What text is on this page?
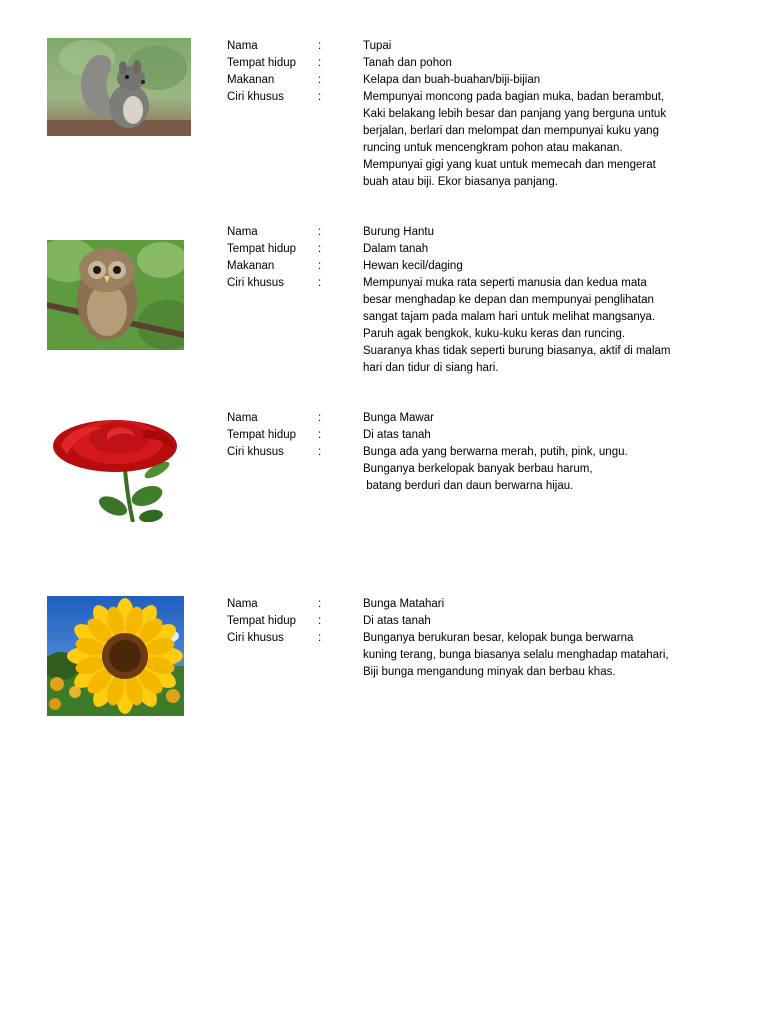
Nama	:	Tupai
Tempat hidup :	Tanah dan pohon
Makanan	:	Kelapa dan buah-buahan/biji-bijian
Ciri khusus	:	Mempunyai moncong pada bagian muka, badan berambut,
Kaki belakang lebih besar dan panjang yang berguna untuk
berjalan, berlari dan melompat dan mempunyai kuku yang
runcing untuk mencengkram pohon atau makanan.
Mempunyai gigi yang kuat untuk memecah dan mengerat
buah atau biji. Ekor biasanya panjang.
Nama	:	Burung Hantu
Tempat hidup :	Dalam tanah
Makanan	:	Hewan kecil/daging
Ciri khusus	:	Mempunyai muka rata seperti manusia dan kedua mata
besar menghadap ke depan dan mempunyai penglihatan
sangat tajam pada malam hari untuk melihat mangsanya.
Paruh agak bengkok, kuku-kuku keras dan runcing.
Suaranya khas tidak seperti burung biasanya, aktif di malam
hari dan tidur di siang hari.
Nama	:	Bunga Mawar
Tempat hidup :	Di atas tanah
Ciri khusus	:	Bunga ada yang berwarna merah, putih, pink, ungu.
Bunganya berkelopak banyak berbau harum,
batang berduri dan daun berwarna hijau.
Nama	:	Bunga Matahari
Tempat hidup :	Di atas tanah
Ciri khusus	:	Bunganya berukuran besar, kelopak bunga berwarna
kuning terang, bunga biasanya selalu menghadap matahari,
Biji bunga mengandung minyak dan berbau khas.
